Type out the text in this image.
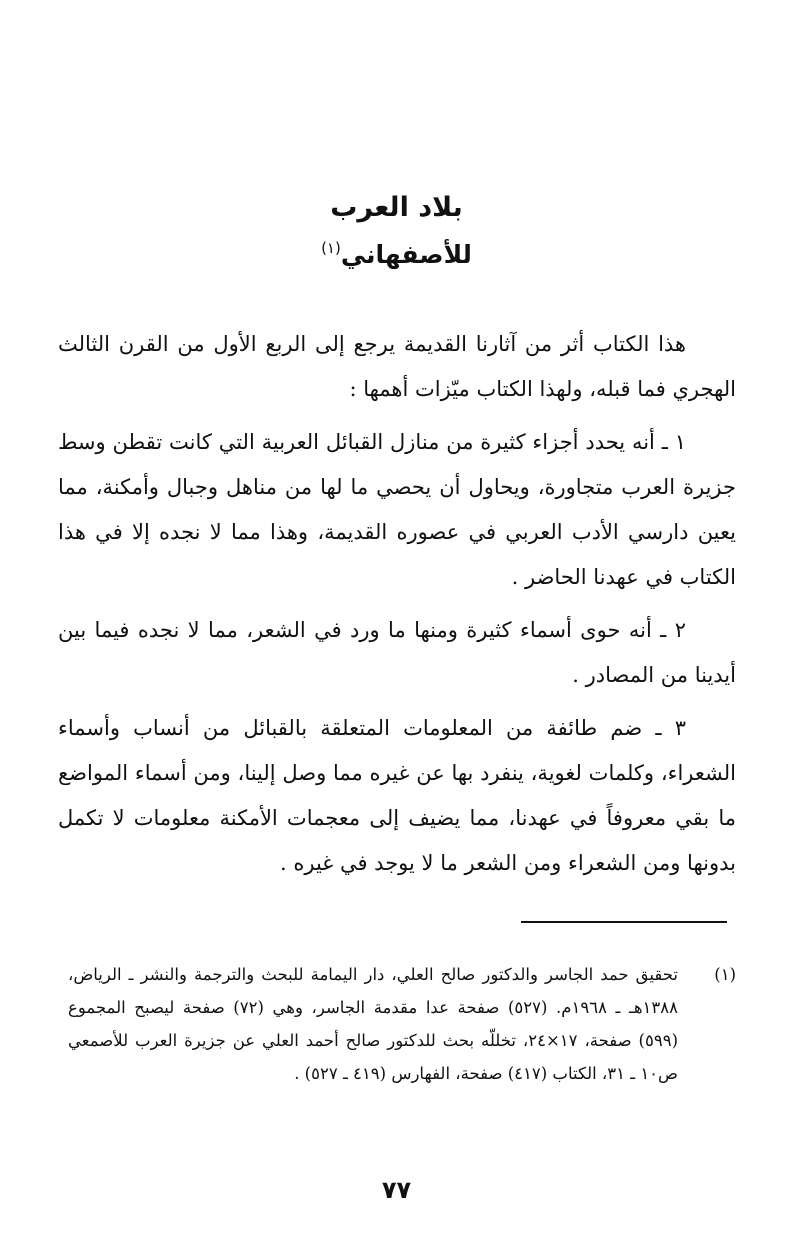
بلاد العرب
للأصفهاني$^{(١)}$

هذا الكتاب أثر من آثارنا القديمة يرجع إلى الربع الأول من القرن الثالث الهجري فما قبله، ولهذا الكتاب ميّزات أهمها :

١ ـ أنه يحدد أجزاء كثيرة من منازل القبائل العربية التي كانت تقطن وسط جزيرة العرب متجاورة، ويحاول أن يحصي ما لها من مناهل وجبال وأمكنة، مما يعين دارسي الأدب العربي في عصوره القديمة، وهذا مما لا نجده إلا في هذا الكتاب في عهدنا الحاضر .

٢ ـ أنه حوى أسماء كثيرة ومنها ما ورد في الشعر، مما لا نجده فيما بين أيدينا من المصادر .

٣ ـ ضم طائفة من المعلومات المتعلقة بالقبائل من أنساب وأسماء الشعراء، وكلمات لغوية، ينفرد بها عن غيره مما وصل إلينا، ومن أسماء المواضع ما بقي معروفاً في عهدنا، مما يضيف إلى معجمات الأمكنة معلومات لا تكمل بدونها ومن الشعراء ومن الشعر ما لا يوجد في غيره .

(١)
تحقيق حمد الجاسر والدكتور صالح العلي، دار اليمامة للبحث والترجمة والنشر ـ الرياض، ١٣٨٨هـ ـ ١٩٦٨م. (٥٢٧) صفحة عدا مقدمة الجاسر، وهي (٧٢) صفحة ليصبح المجموع (٥٩٩) صفحة، ١٧×٢٤، تخللّه بحث للدكتور صالح أحمد العلي عن جزيرة العرب للأصمعي ص١٠ ـ ٣١، الكتاب (٤١٧) صفحة، الفهارس (٤١٩ ـ ٥٢٧) .
٧٧
